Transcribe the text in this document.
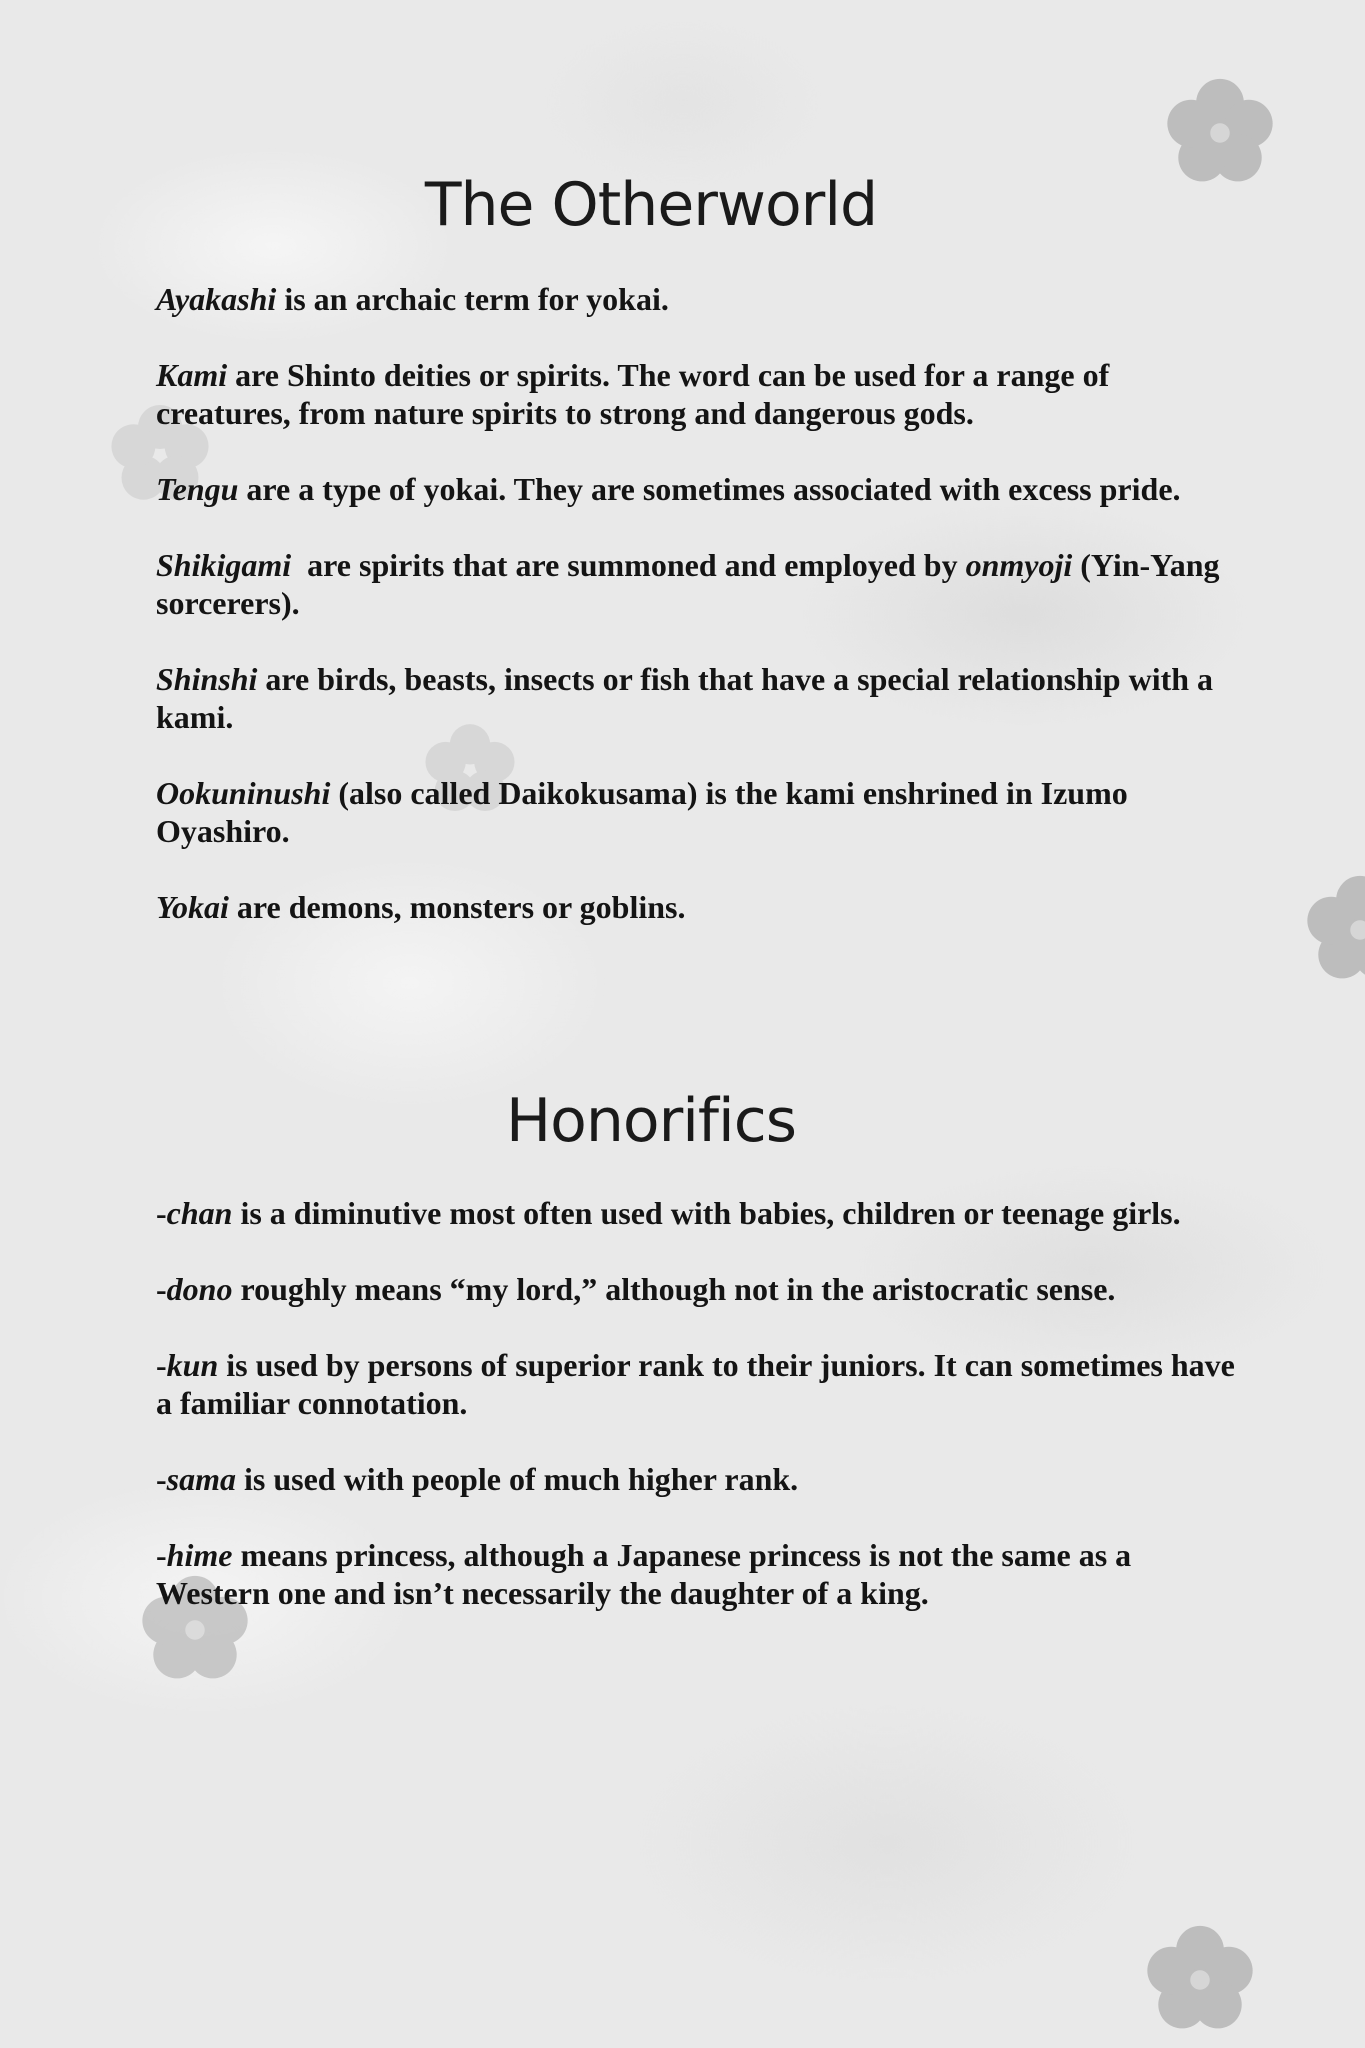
The Otherworld

Ayakashi is an archaic term for yokai.

Kami are Shinto deities or spirits. The word can be used for a range of creatures, from nature spirits to strong and dangerous gods.

Tengu are a type of yokai. They are sometimes associated with excess pride.

Shikigami  are spirits that are summoned and employed by onmyoji (Yin-Yang sorcerers).

Shinshi are birds, beasts, insects or fish that have a special relationship with a kami.

Ookuninushi (also called Daikokusama) is the kami enshrined in Izumo Oyashiro.

Yokai are demons, monsters or goblins.

Honorifics

-chan is a diminutive most often used with babies, children or teenage girls.

-dono roughly means “my lord,” although not in the aristocratic sense.

-kun is used by persons of superior rank to their juniors. It can sometimes have a familiar connotation.

-sama is used with people of much higher rank.

-hime means princess, although a Japanese princess is not the same as a Western one and isn’t necessarily the daughter of a king.
